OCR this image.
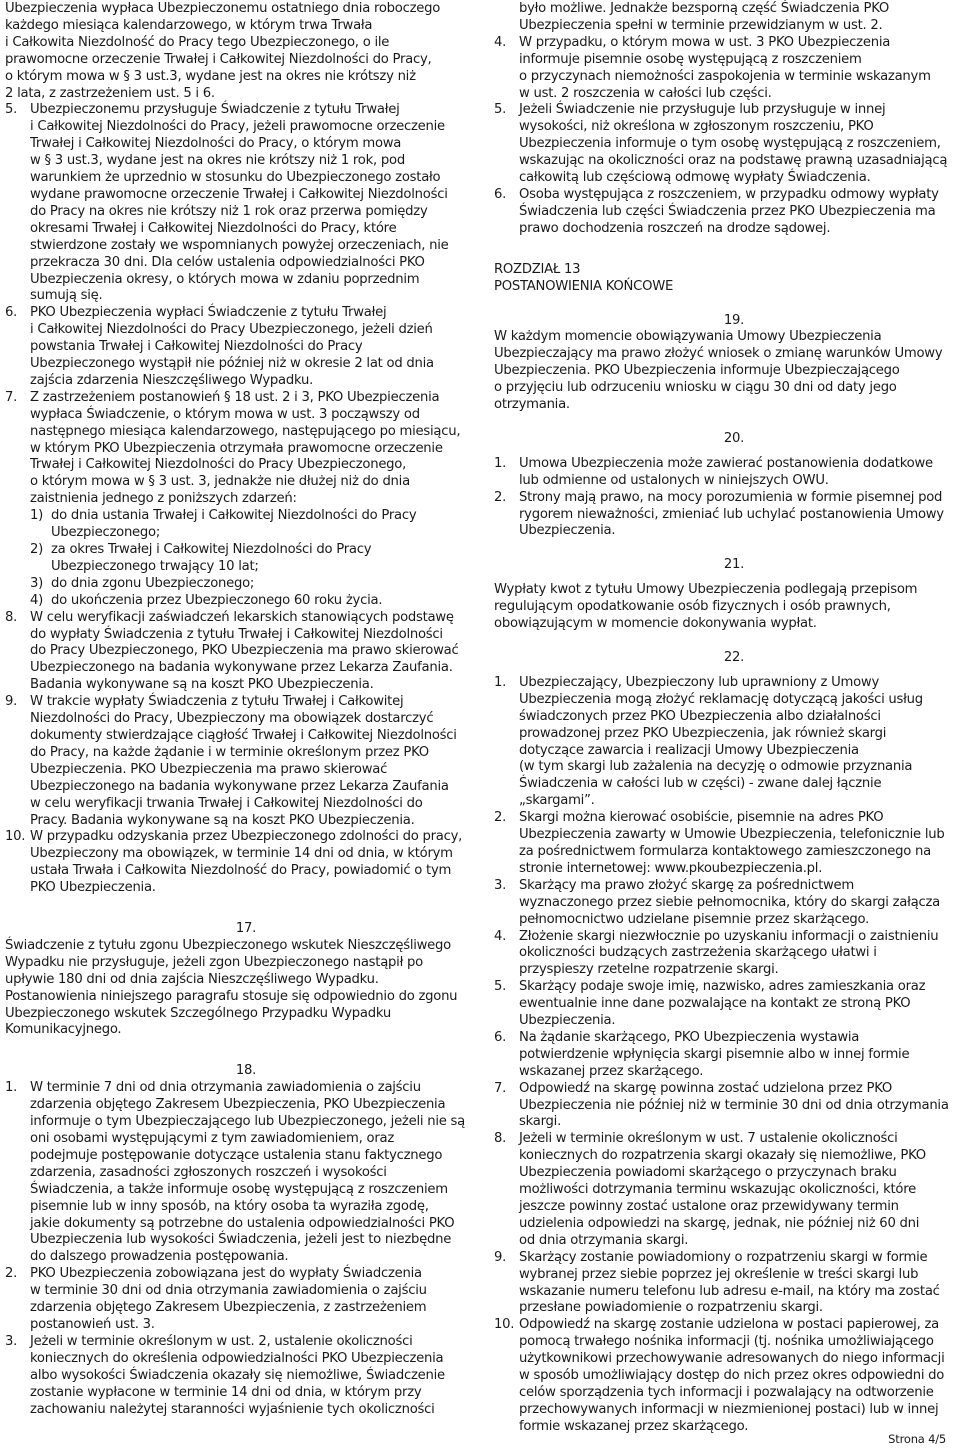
Ubezpieczenia wypłaca Ubezpieczonemu ostatniego dnia roboczego
każdego miesiąca kalendarzowego, w którym trwa Trwała
i Całkowita Niezdolność do Pracy tego Ubezpieczonego, o ile
prawomocne orzeczenie Trwałej i Całkowitej Niezdolności do Pracy,
o którym mowa w § 3 ust.3, wydane jest na okres nie krótszy niż
2 lata, z zastrzeżeniem ust. 5 i 6.
5. Ubezpieczonemu przysługuje Świadczenie z tytułu Trwałej
i Całkowitej Niezdolności do Pracy, jeżeli prawomocne orzeczenie
Trwałej i Całkowitej Niezdolności do Pracy, o którym mowa
w § 3 ust.3, wydane jest na okres nie krótszy niż 1 rok, pod
warunkiem że uprzednio w stosunku do Ubezpieczonego zostało
wydane prawomocne orzeczenie Trwałej i Całkowitej Niezdolności
do Pracy na okres nie krótszy niż 1 rok oraz przerwa pomiędzy
okresami Trwałej i Całkowitej Niezdolności do Pracy, które
stwierdzone zostały we wspomnianych powyżej orzeczeniach, nie
przekracza 30 dni. Dla celów ustalenia odpowiedzialności PKO
Ubezpieczenia okresy, o których mowa w zdaniu poprzednim
sumują się.
6. PKO Ubezpieczenia wypłaci Świadczenie z tytułu Trwałej
i Całkowitej Niezdolności do Pracy Ubezpieczonego, jeżeli dzień
powstania Trwałej i Całkowitej Niezdolności do Pracy
Ubezpieczonego wystąpił nie później niż w okresie 2 lat od dnia
zajścia zdarzenia Nieszczęśliwego Wypadku.
7. Z zastrzeżeniem postanowień § 18 ust. 2 i 3, PKO Ubezpieczenia
wypłaca Świadczenie, o którym mowa w ust. 3 począwszy od
następnego miesiąca kalendarzowego, następującego po miesiącu,
w którym PKO Ubezpieczenia otrzymała prawomocne orzeczenie
Trwałej i Całkowitej Niezdolności do Pracy Ubezpieczonego,
o którym mowa w § 3 ust. 3, jednakże nie dłużej niż do dnia
zaistnienia jednego z poniższych zdarzeń:
1) do dnia ustania Trwałej i Całkowitej Niezdolności do Pracy
Ubezpieczonego;
2) za okres Trwałej i Całkowitej Niezdolności do Pracy
Ubezpieczonego trwający 10 lat;
3) do dnia zgonu Ubezpieczonego;
4) do ukończenia przez Ubezpieczonego 60 roku życia.
8. W celu weryfikacji zaświadczeń lekarskich stanowiących podstawę
do wypłaty Świadczenia z tytułu Trwałej i Całkowitej Niezdolności
do Pracy Ubezpieczonego, PKO Ubezpieczenia ma prawo skierować
Ubezpieczonego na badania wykonywane przez Lekarza Zaufania.
Badania wykonywane są na koszt PKO Ubezpieczenia.
9. W trakcie wypłaty Świadczenia z tytułu Trwałej i Całkowitej
Niezdolności do Pracy, Ubezpieczony ma obowiązek dostarczyć
dokumenty stwierdzające ciągłość Trwałej i Całkowitej Niezdolności
do Pracy, na każde żądanie i w terminie określonym przez PKO
Ubezpieczenia. PKO Ubezpieczenia ma prawo skierować
Ubezpieczonego na badania wykonywane przez Lekarza Zaufania
w celu weryfikacji trwania Trwałej i Całkowitej Niezdolności do
Pracy. Badania wykonywane są na koszt PKO Ubezpieczenia.
10. W przypadku odzyskania przez Ubezpieczonego zdolności do pracy,
Ubezpieczony ma obowiązek, w terminie 14 dni od dnia, w którym
ustała Trwała i Całkowita Niezdolność do Pracy, powiadomić o tym
PKO Ubezpieczenia.
17.
Świadczenie z tytułu zgonu Ubezpieczonego wskutek Nieszczęśliwego
Wypadku nie przysługuje, jeżeli zgon Ubezpieczonego nastąpił po
upływie 180 dni od dnia zajścia Nieszczęśliwego Wypadku.
Postanowienia niniejszego paragrafu stosuje się odpowiednio do zgonu
Ubezpieczonego wskutek Szczególnego Przypadku Wypadku
Komunikacyjnego.
18.
1. W terminie 7 dni od dnia otrzymania zawiadomienia o zajściu
zdarzenia objętego Zakresem Ubezpieczenia, PKO Ubezpieczenia
informuje o tym Ubezpieczającego lub Ubezpieczonego, jeżeli nie są
oni osobami występującymi z tym zawiadomieniem, oraz
podejmuje postępowanie dotyczące ustalenia stanu faktycznego
zdarzenia, zasadności zgłoszonych roszczeń i wysokości
Świadczenia, a także informuje osobę występującą z roszczeniem
pisemnie lub w inny sposób, na który osoba ta wyraziła zgodę,
jakie dokumenty są potrzebne do ustalenia odpowiedzialności PKO
Ubezpieczenia lub wysokości Świadczenia, jeżeli jest to niezbędne
do dalszego prowadzenia postępowania.
2. PKO Ubezpieczenia zobowiązana jest do wypłaty Świadczenia
w terminie 30 dni od dnia otrzymania zawiadomienia o zajściu
zdarzenia objętego Zakresem Ubezpieczenia, z zastrzeżeniem
postanowień ust. 3.
3. Jeżeli w terminie określonym w ust. 2, ustalenie okoliczności
koniecznych do określenia odpowiedzialności PKO Ubezpieczenia
albo wysokości Świadczenia okazały się niemożliwe, Świadczenie
zostanie wypłacone w terminie 14 dni od dnia, w którym przy
zachowaniu należytej staranności wyjaśnienie tych okoliczności
było możliwe. Jednakże bezsporną część Świadczenia PKO
Ubezpieczenia spełni w terminie przewidzianym w ust. 2.
4. W przypadku, o którym mowa w ust. 3 PKO Ubezpieczenia
informuje pisemnie osobę występującą z roszczeniem
o przyczynach niemożności zaspokojenia w terminie wskazanym
w ust. 2 roszczenia w całości lub części.
5. Jeżeli Świadczenie nie przysługuje lub przysługuje w innej
wysokości, niż określona w zgłoszonym roszczeniu, PKO
Ubezpieczenia informuje o tym osobę występującą z roszczeniem,
wskazując na okoliczności oraz na podstawę prawną uzasadniającą
całkowitą lub częściową odmowę wypłaty Świadczenia.
6. Osoba występująca z roszczeniem, w przypadku odmowy wypłaty
Świadczenia lub części Świadczenia przez PKO Ubezpieczenia ma
prawo dochodzenia roszczeń na drodze sądowej.
ROZDZIAŁ 13
POSTANOWIENIA KOŃCOWE
19.
W każdym momencie obowiązywania Umowy Ubezpieczenia
Ubezpieczający ma prawo złożyć wniosek o zmianę warunków Umowy
Ubezpieczenia. PKO Ubezpieczenia informuje Ubezpieczającego
o przyjęciu lub odrzuceniu wniosku w ciągu 30 dni od daty jego
otrzymania.
20.
1. Umowa Ubezpieczenia może zawierać postanowienia dodatkowe
lub odmienne od ustalonych w niniejszych OWU.
2. Strony mają prawo, na mocy porozumienia w formie pisemnej pod
rygorem nieważności, zmieniać lub uchylać postanowienia Umowy
Ubezpieczenia.
21.
Wypłaty kwot z tytułu Umowy Ubezpieczenia podlegają przepisom
regulującym opodatkowanie osób fizycznych i osób prawnych,
obowiązującym w momencie dokonywania wypłat.
22.
1. Ubezpieczający, Ubezpieczony lub uprawniony z Umowy
Ubezpieczenia mogą złożyć reklamację dotyczącą jakości usług
świadczonych przez PKO Ubezpieczenia albo działalności
prowadzonej przez PKO Ubezpieczenia, jak również skargi
dotyczące zawarcia i realizacji Umowy Ubezpieczenia
(w tym skargi lub zażalenia na decyzję o odmowie przyznania
Świadczenia w całości lub w części) - zwane dalej łącznie
„skargami”.
2. Skargi można kierować osobiście, pisemnie na adres PKO
Ubezpieczenia zawarty w Umowie Ubezpieczenia, telefonicznie lub
za pośrednictwem formularza kontaktowego zamieszczonego na
stronie internetowej: www.pkoubezpieczenia.pl.
3. Skarżący ma prawo złożyć skargę za pośrednictwem
wyznaczonego przez siebie pełnomocnika, który do skargi załącza
pełnomocnictwo udzielane pisemnie przez skarżącego.
4. Złożenie skargi niezwłocznie po uzyskaniu informacji o zaistnieniu
okoliczności budzących zastrzeżenia skarżącego ułatwi i
przyspieszy rzetelne rozpatrzenie skargi.
5. Skarżący podaje swoje imię, nazwisko, adres zamieszkania oraz
ewentualnie inne dane pozwalające na kontakt ze stroną PKO
Ubezpieczenia.
6. Na żądanie skarżącego, PKO Ubezpieczenia wystawia
potwierdzenie wpłynięcia skargi pisemnie albo w innej formie
wskazanej przez skarżącego.
7. Odpowiedź na skargę powinna zostać udzielona przez PKO
Ubezpieczenia nie później niż w terminie 30 dni od dnia otrzymania
skargi.
8. Jeżeli w terminie określonym w ust. 7 ustalenie okoliczności
koniecznych do rozpatrzenia skargi okazały się niemożliwe, PKO
Ubezpieczenia powiadomi skarżącego o przyczynach braku
możliwości dotrzymania terminu wskazując okoliczności, które
jeszcze powinny zostać ustalone oraz przewidywany termin
udzielenia odpowiedzi na skargę, jednak, nie później niż 60 dni
od dnia otrzymania skargi.
9. Skarżący zostanie powiadomiony o rozpatrzeniu skargi w formie
wybranej przez siebie poprzez jej określenie w treści skargi lub
wskazanie numeru telefonu lub adresu e-mail, na który ma zostać
przesłane powiadomienie o rozpatrzeniu skargi.
10. Odpowiedź na skargę zostanie udzielona w postaci papierowej, za
pomocą trwałego nośnika informacji (tj. nośnika umożliwiającego
użytkownikowi przechowywanie adresowanych do niego informacji
w sposób umożliwiający dostęp do nich przez okres odpowiedni do
celów sporządzenia tych informacji i pozwalający na odtworzenie
przechowywanych informacji w niezmienionej postaci) lub w innej
formie wskazanej przez skarżącego.
Strona 4/5
